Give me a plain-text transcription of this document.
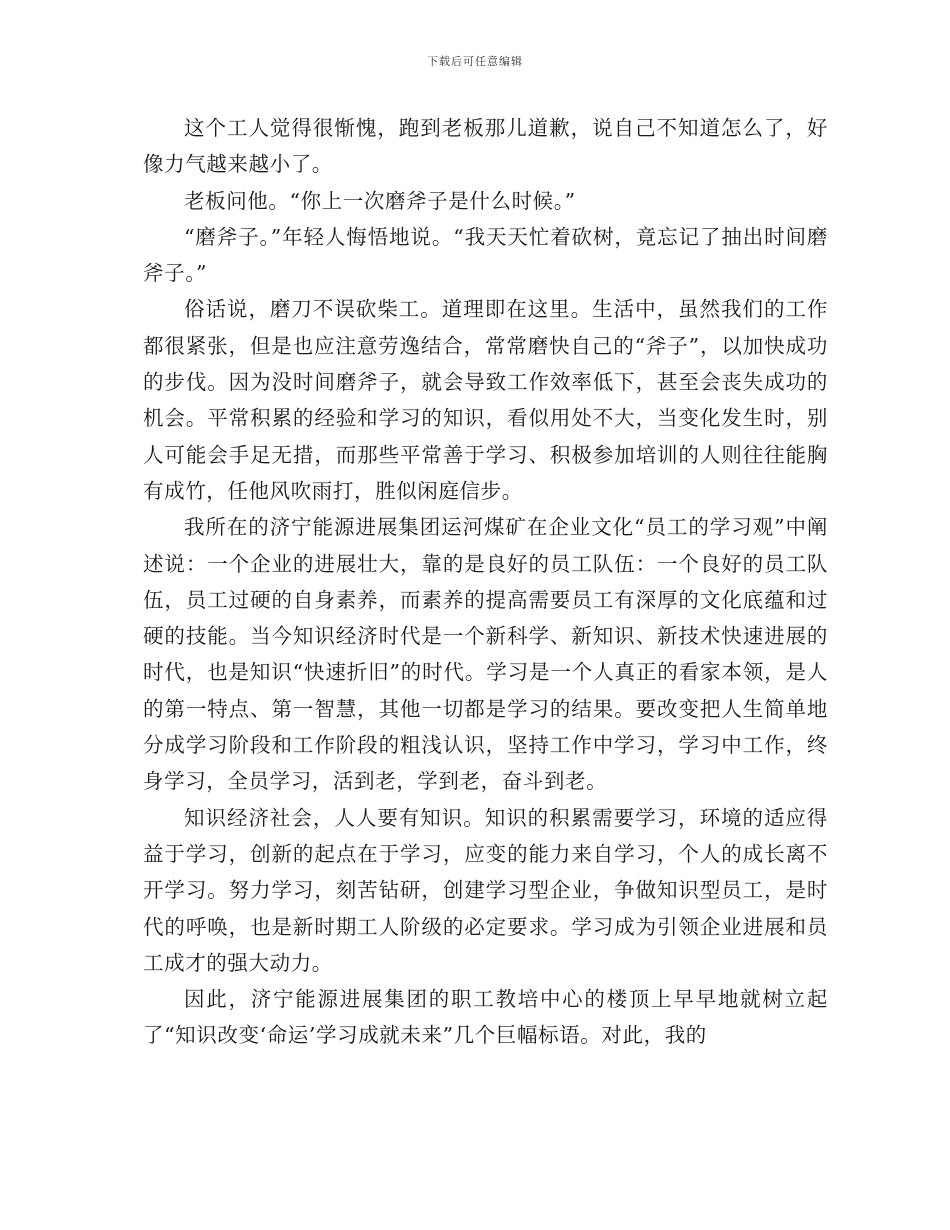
下载后可任意编辑

这个工人觉得很惭愧，跑到老板那儿道歉，说自己不知道怎么了，好像力气越来越小了。

老板问他。“你上一次磨斧子是什么时候。”

“磨斧子。”年轻人悔悟地说。“我天天忙着砍树，竟忘记了抽出时间磨斧子。”

俗话说，磨刀不误砍柴工。道理即在这里。生活中，虽然我们的工作都很紧张，但是也应注意劳逸结合，常常磨快自己的“斧子”，以加快成功的步伐。因为没时间磨斧子，就会导致工作效率低下，甚至会丧失成功的机会。平常积累的经验和学习的知识，看似用处不大，当变化发生时，别人可能会手足无措，而那些平常善于学习、积极参加培训的人则往往能胸有成竹，任他风吹雨打，胜似闲庭信步。

我所在的济宁能源进展集团运河煤矿在企业文化“员工的学习观”中阐述说：一个企业的进展壮大，靠的是良好的员工队伍：一个良好的员工队伍，员工过硬的自身素养，而素养的提高需要员工有深厚的文化底蕴和过硬的技能。当今知识经济时代是一个新科学、新知识、新技术快速进展的时代，也是知识“快速折旧”的时代。学习是一个人真正的看家本领，是人的第一特点、第一智慧，其他一切都是学习的结果。要改变把人生简单地分成学习阶段和工作阶段的粗浅认识，坚持工作中学习，学习中工作，终身学习，全员学习，活到老，学到老，奋斗到老。

知识经济社会，人人要有知识。知识的积累需要学习，环境的适应得益于学习，创新的起点在于学习，应变的能力来自学习，个人的成长离不开学习。努力学习，刻苦钻研，创建学习型企业，争做知识型员工，是时代的呼唤，也是新时期工人阶级的必定要求。学习成为引领企业进展和员工成才的强大动力。

因此，济宁能源进展集团的职工教培中心的楼顶上早早地就树立起了“知识改变‘命运’学习成就未来”几个巨幅标语。对此，我的
